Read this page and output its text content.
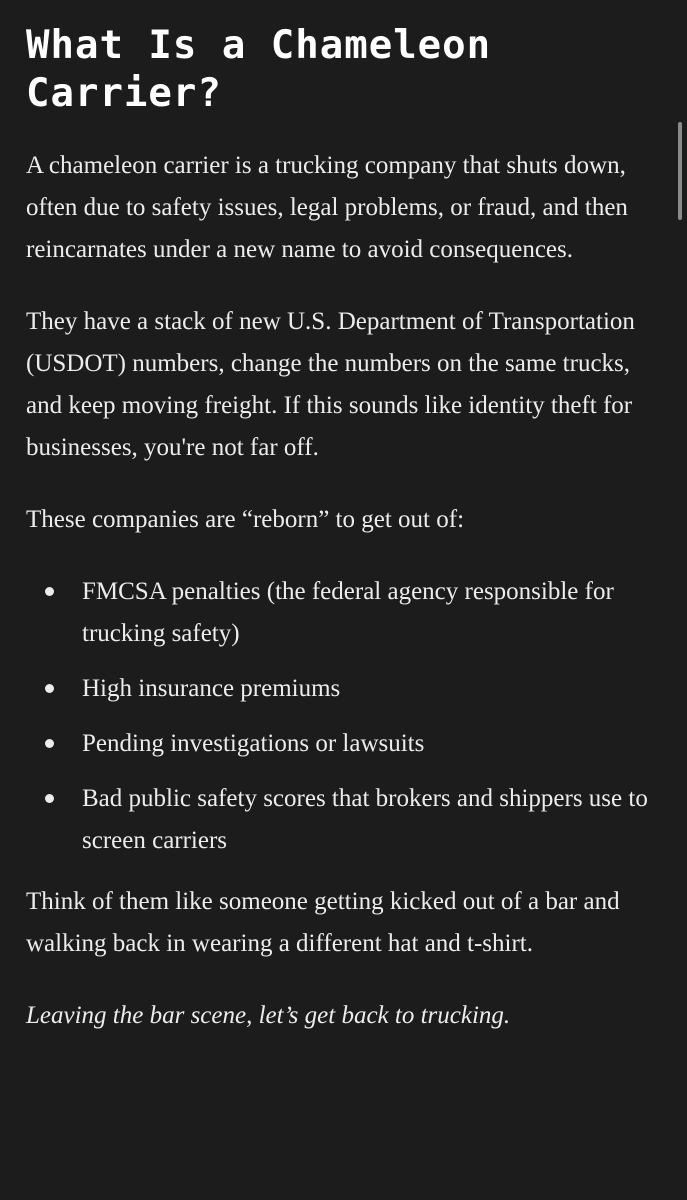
What Is a Chameleon Carrier?

A chameleon carrier is a trucking company that shuts down, often due to safety issues, legal problems, or fraud, and then reincarnates under a new name to avoid consequences.

They have a stack of new U.S. Department of Transportation (USDOT) numbers, change the numbers on the same trucks, and keep moving freight. If this sounds like identity theft for businesses, you're not far off.

These companies are “reborn” to get out of:

FMCSA penalties (the federal agency responsible for trucking safety)
High insurance premiums
Pending investigations or lawsuits
Bad public safety scores that brokers and shippers use to screen carriers

Think of them like someone getting kicked out of a bar and walking back in wearing a different hat and t-shirt.

Leaving the bar scene, let’s get back to trucking.
